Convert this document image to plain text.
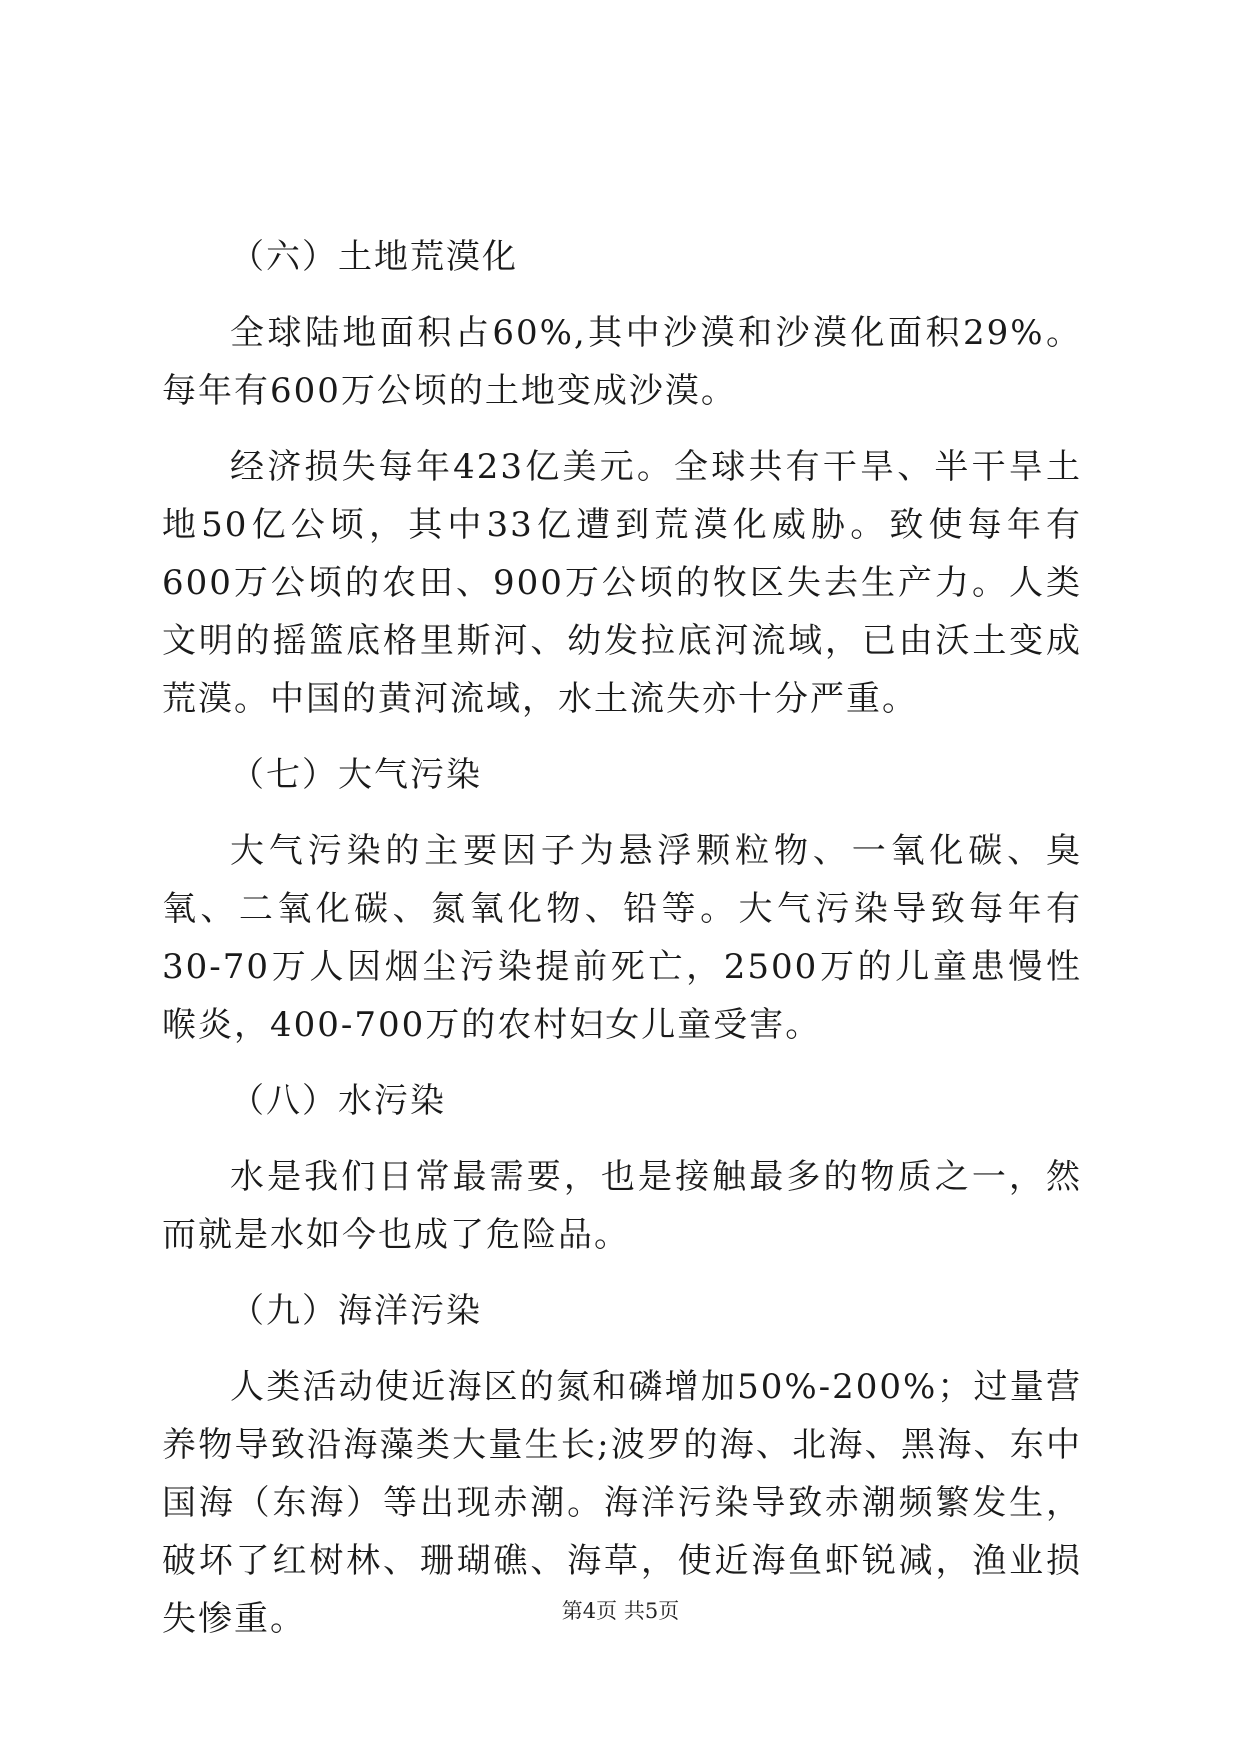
（六）土地荒漠化

全球陆地面积占60%,其中沙漠和沙漠化面积29%。每年有600万公顷的土地变成沙漠。

经济损失每年423亿美元。全球共有干旱、半干旱土地50亿公顷，其中33亿遭到荒漠化威胁。致使每年有600万公顷的农田、900万公顷的牧区失去生产力。人类文明的摇篮底格里斯河、幼发拉底河流域，已由沃土变成荒漠。中国的黄河流域，水土流失亦十分严重。

（七）大气污染

大气污染的主要因子为悬浮颗粒物、一氧化碳、臭氧、二氧化碳、氮氧化物、铅等。大气污染导致每年有30-70万人因烟尘污染提前死亡，2500万的儿童患慢性喉炎，400-700万的农村妇女儿童受害。

（八）水污染

水是我们日常最需要，也是接触最多的物质之一，然而就是水如今也成了危险品。

（九）海洋污染

人类活动使近海区的氮和磷增加50%-200%；过量营养物导致沿海藻类大量生长;波罗的海、北海、黑海、东中国海（东海）等出现赤潮。海洋污染导致赤潮频繁发生，破坏了红树林、珊瑚礁、海草，使近海鱼虾锐减，渔业损失惨重。	第4页 共5页
